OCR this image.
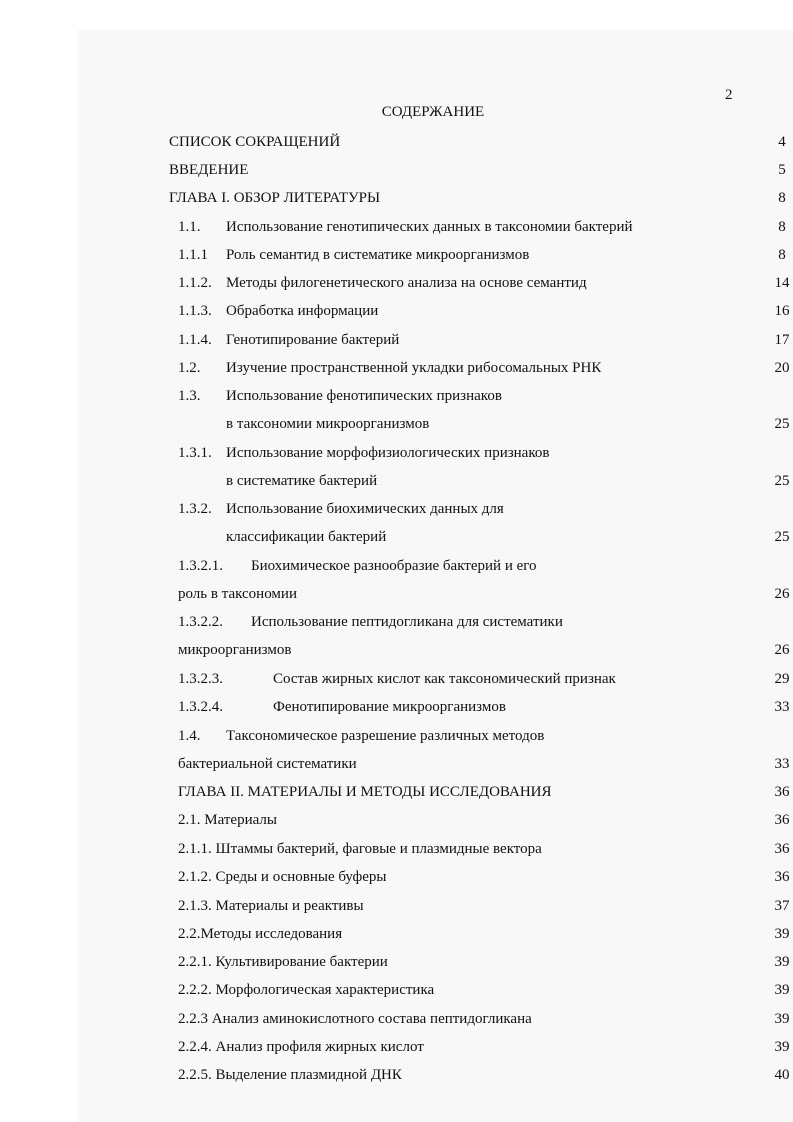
2
СОДЕРЖАНИЕ
СПИСОК СОКРАЩЕНИЙ	4
ВВЕДЕНИЕ	5
ГЛАВА I. ОБЗОР ЛИТЕРАТУРЫ	8
1.1. Использование генотипических данных в таксономии бактерий	8
1.1.1 Роль семантид в систематике микроорганизмов	8
1.1.2. Методы филогенетического анализа на основе семантид	14
1.1.3. Обработка информации	16
1.1.4. Генотипирование бактерий	17
1.2. Изучение пространственной укладки рибосомальных РНК	20
1.3. Использование фенотипических признаков
в таксономии микроорганизмов	25
1.3.1. Использование морфофизиологических признаков
в систематике бактерий	25
1.3.2. Использование биохимических данных для
классификации бактерий	25
1.3.2.1. Биохимическое разнообразие бактерий и его
роль в таксономии	26
1.3.2.2. Использование пептидогликана для систематики
микроорганизмов	26
1.3.2.3.	Состав жирных кислот как таксономический признак	29
1.3.2.4.	Фенотипирование микроорганизмов	33
1.4. Таксономическое разрешение различных методов
бактериальной систематики	33
ГЛАВА II. МАТЕРИАЛЫ И МЕТОДЫ ИССЛЕДОВАНИЯ	36
2.1. Материалы	36
2.1.1. Штаммы бактерий, фаговые и плазмидные вектора	36
2.1.2. Среды и основные буферы	36
2.1.3. Материалы и реактивы	37
2.2.Методы исследования	39
2.2.1. Культивирование бактерии	39
2.2.2. Морфологическая характеристика	39
2.2.3 Анализ аминокислотного состава пептидогликана	39
2.2.4. Анализ профиля жирных кислот	39
2.2.5. Выделение плазмидной ДНК	40
